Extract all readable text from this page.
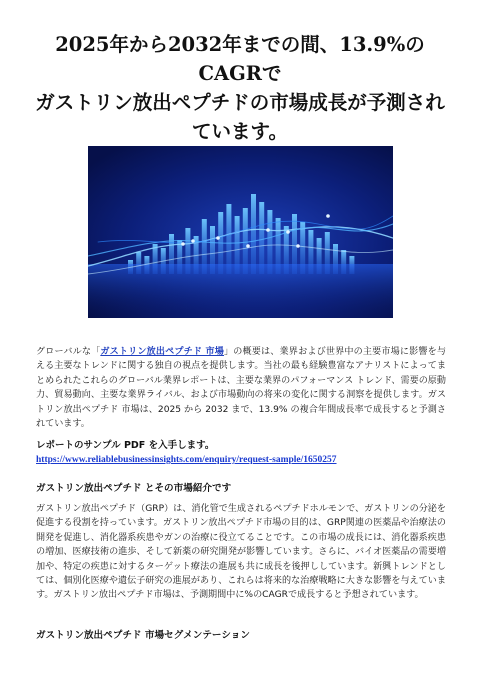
2025年から2032年までの間、13.9%のCAGRで
ガストリン放出ペプチドの市場成長が予測され
ています。

グローバルな「ガストリン放出ペプチド 市場」の概要は、業界および世界中の主要市場に影響を与える主要なトレンドに関する独自の視点を提供します。当社の最も経験豊富なアナリストによってまとめられたこれらのグローバル業界レポートは、主要な業界のパフォーマンス トレンド、需要の原動力、貿易動向、主要な業界ライバル、および市場動向の将来の変化に関する洞察を提供します。ガストリン放出ペプチド 市場は、2025 から 2032 まで、13.9% の複合年間成長率で成長すると予測されています。

レポートのサンプル PDF を入手します。

https://www.reliablebusinessinsights.com/enquiry/request-sample/1650257
ガストリン放出ペプチド とその市場紹介です

ガストリン放出ペプチド（GRP）は、消化管で生成されるペプチドホルモンで、ガストリンの分泌を促進する役割を持っています。ガストリン放出ペプチド市場の目的は、GRP関連の医薬品や治療法の開発を促進し、消化器系疾患やガンの治療に役立てることです。この市場の成長には、消化器系疾患の増加、医療技術の進歩、そして新薬の研究開発が影響しています。さらに、バイオ医薬品の需要増加や、特定の疾患に対するターゲット療法の進展も共に成長を後押ししています。新興トレンドとしては、個別化医療や遺伝子研究の進展があり、これらは将来的な治療戦略に大きな影響を与えています。ガストリン放出ペプチド市場は、予測期間中に%のCAGRで成長すると予想されています。

ガストリン放出ペプチド 市場セグメンテーション
